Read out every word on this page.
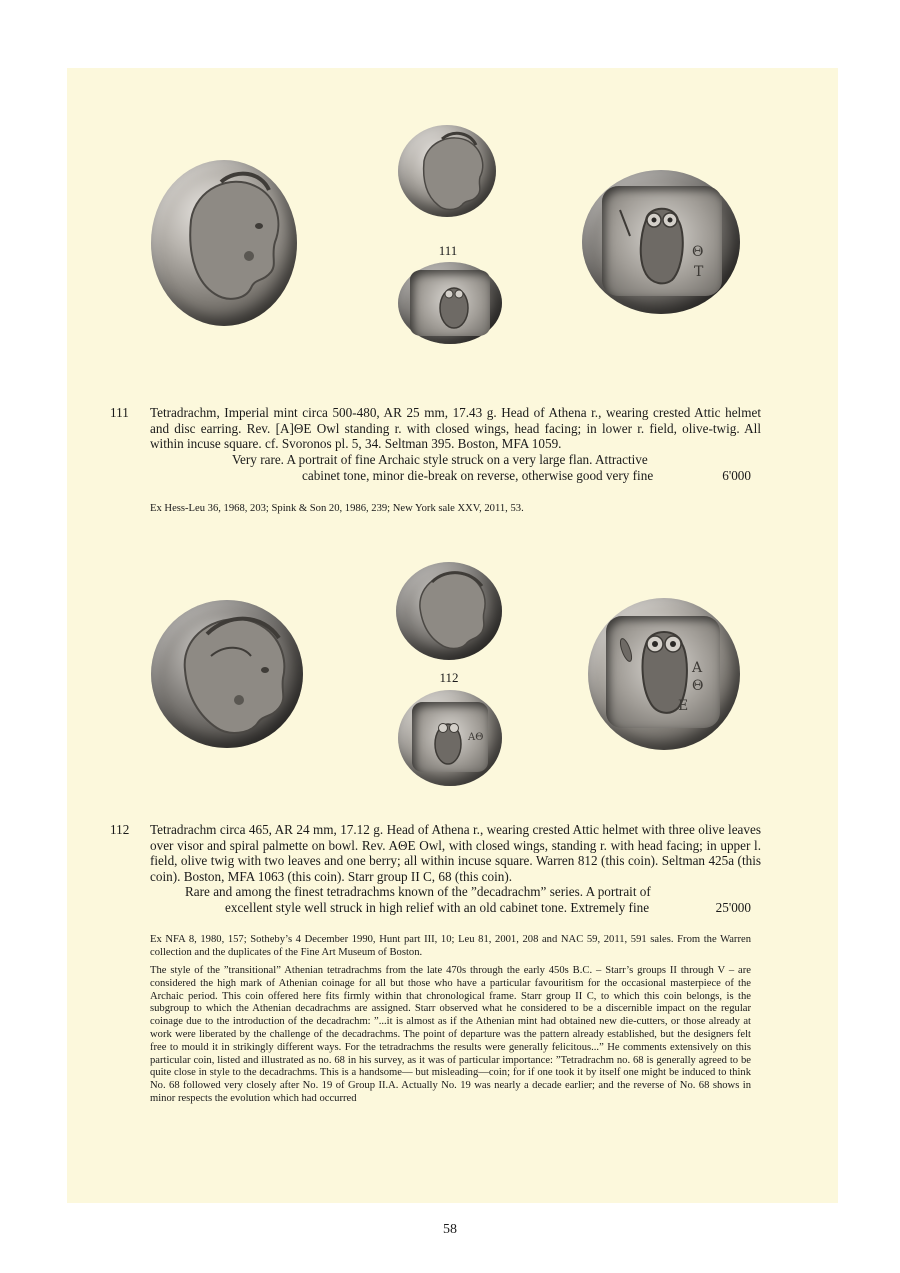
111	Θ
Τ
111 Tetradrachm, Imperial mint circa 500-480, AR 25 mm, 17.43 g. Head of Athena r., wearing crested Attic helmet and disc earring. Rev. [A]ΘE Owl standing r. with closed wings, head facing; in lower r. field, olive-twig. All within incuse square. cf. Svoronos pl. 5, 34. Seltman 395. Boston, MFA 1059.
Very rare. A portrait of fine Archaic style struck on a very large flan. Attractive
cabinet tone, minor die-break on reverse, otherwise good very fine	6'000
Ex Hess-Leu 36, 1968, 203; Spink & Son 20, 1986, 239; New York sale XXV, 2011, 53.
112
ΑΘ
Α
Θ
Ε
112 Tetradrachm circa 465, AR 24 mm, 17.12 g. Head of Athena r., wearing crested Attic helmet with three olive leaves over visor and spiral palmette on bowl. Rev. AΘE Owl, with closed wings, standing r. with head facing; in upper l. field, olive twig with two leaves and one berry; all within incuse square. Warren 812 (this coin). Seltman 425a (this coin). Boston, MFA 1063 (this coin). Starr group II C, 68 (this coin).
Rare and among the finest tetradrachms known of the ”decadrachm” series. A portrait of
excellent style well struck in high relief with an old cabinet tone. Extremely fine	25'000
Ex NFA 8, 1980, 157; Sotheby’s 4 December 1990, Hunt part III, 10; Leu 81, 2001, 208 and NAC 59, 2011, 591 sales. From the Warren collection and the duplicates of the Fine Art Museum of Boston.
The style of the ”transitional” Athenian tetradrachms from the late 470s through the early 450s B.C. – Starr’s groups II through V – are considered the high mark of Athenian coinage for all but those who have a particular favouritism for the occasional masterpiece of the Archaic period. This coin offered here fits firmly within that chronological frame. Starr group II C, to which this coin belongs, is the subgroup to which the Athenian decadrachms are assigned. Starr observed what he considered to be a discernible impact on the regular coinage due to the introduction of the decadrachm: ”...it is almost as if the Athenian mint had obtained new die-cutters, or those already at work were liberated by the challenge of the decadrachms. The point of departure was the pattern already established, but the designers felt free to mould it in strikingly different ways. For the tetradrachms the results were generally felicitous...” He comments extensively on this particular coin, listed and illustrated as no. 68 in his survey, as it was of particular importance: ”Tetradrachm no. 68 is generally agreed to be quite close in style to the decadrachms. This is a handsome— but misleading—coin; for if one took it by itself one might be induced to think No. 68 followed very closely after No. 19 of Group II.A. Actually No. 19 was nearly a decade earlier; and the reverse of No. 68 shows in minor respects the evolution which had occurred
58
